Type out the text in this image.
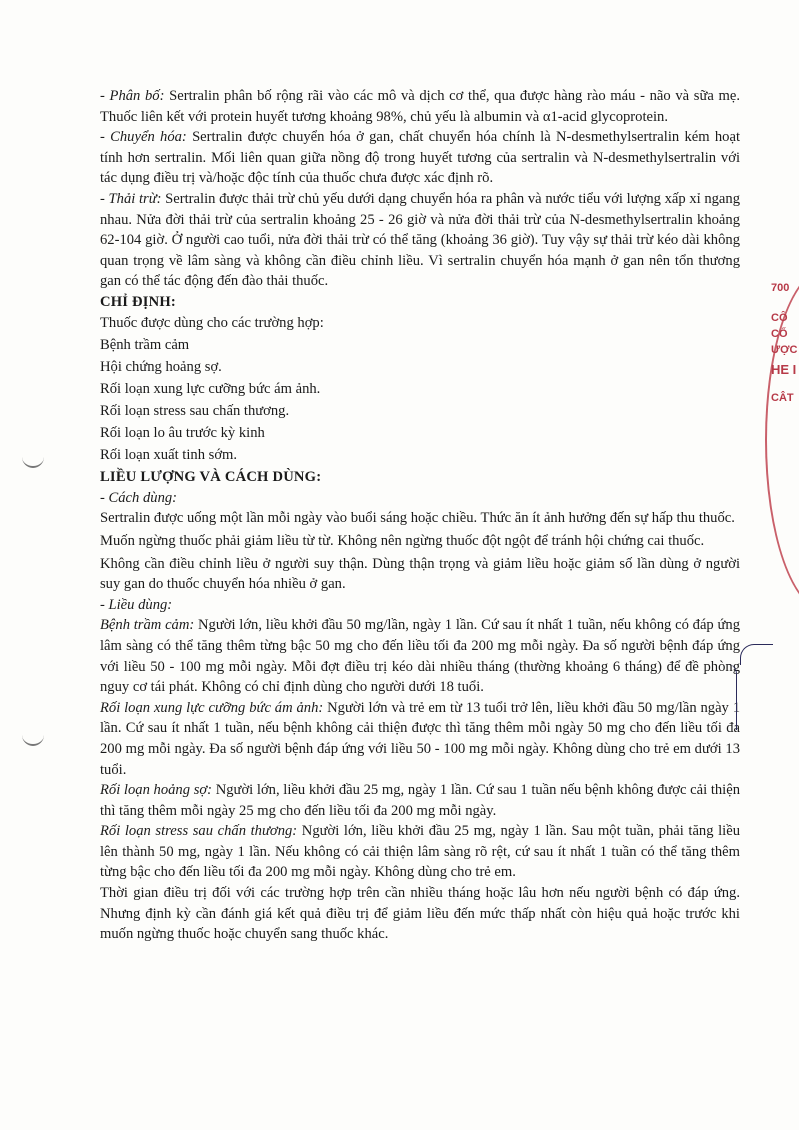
700
CÔ
CỔ
ƯỢC
HE I
CÂT

- Phân bố: Sertralin phân bố rộng rãi vào các mô và dịch cơ thể, qua được hàng rào máu - não và sữa mẹ. Thuốc liên kết với protein huyết tương khoảng 98%, chủ yếu là albumin và α1-acid glycoprotein.

- Chuyển hóa: Sertralin được chuyển hóa ở gan, chất chuyển hóa chính là N-desmethylsertralin kém hoạt tính hơn sertralin. Mối liên quan giữa nồng độ trong huyết tương của sertralin và N-desmethylsertralin với tác dụng điều trị và/hoặc độc tính của thuốc chưa được xác định rõ.

- Thải trừ: Sertralin được thải trừ chủ yếu dưới dạng chuyển hóa ra phân và nước tiểu với lượng xấp xỉ ngang nhau. Nửa đời thải trừ của sertralin khoảng 25 - 26 giờ và nửa đời thải trừ của N-desmethylsertralin khoảng 62-104 giờ. Ở người cao tuổi, nửa đời thải trừ có thể tăng (khoảng 36 giờ). Tuy vậy sự thải trừ kéo dài không quan trọng về lâm sàng và không cần điều chỉnh liều. Vì sertralin chuyển hóa mạnh ở gan nên tổn thương gan có thể tác động đến đào thải thuốc.

CHỈ ĐỊNH:

Thuốc được dùng cho các trường hợp:

Bệnh trầm cảm

Hội chứng hoảng sợ.

Rối loạn xung lực cưỡng bức ám ảnh.

Rối loạn stress sau chấn thương.

Rối loạn lo âu trước kỳ kinh

Rối loạn xuất tinh sớm.

LIỀU LƯỢNG VÀ CÁCH DÙNG:

- Cách dùng:

Sertralin được uống một lần mỗi ngày vào buổi sáng hoặc chiều. Thức ăn ít ảnh hưởng đến sự hấp thu thuốc.

Muốn ngừng thuốc phải giảm liều từ từ. Không nên ngừng thuốc đột ngột để tránh hội chứng cai thuốc.

Không cần điều chỉnh liều ở người suy thận. Dùng thận trọng và giảm liều hoặc giảm số lần dùng ở người suy gan do thuốc chuyển hóa nhiều ở gan.

- Liều dùng:

Bệnh trầm cảm: Người lớn, liều khởi đầu 50 mg/lần, ngày 1 lần. Cứ sau ít nhất 1 tuần, nếu không có đáp ứng lâm sàng có thể tăng thêm từng bậc 50 mg cho đến liều tối đa 200 mg mỗi ngày. Đa số người bệnh đáp ứng với liều 50 - 100 mg mỗi ngày. Mỗi đợt điều trị kéo dài nhiều tháng (thường khoảng 6 tháng) để đề phòng nguy cơ tái phát. Không có chỉ định dùng cho người dưới 18 tuổi.

Rối loạn xung lực cưỡng bức ám ảnh: Người lớn và trẻ em từ 13 tuổi trở lên, liều khởi đầu 50 mg/lần ngày 1 lần. Cứ sau ít nhất 1 tuần, nếu bệnh không cải thiện được thì tăng thêm mỗi ngày 50 mg cho đến liều tối đa 200 mg mỗi ngày. Đa số người bệnh đáp ứng với liều 50 - 100 mg mỗi ngày. Không dùng cho trẻ em dưới 13 tuổi.

Rối loạn hoảng sợ: Người lớn, liều khởi đầu 25 mg, ngày 1 lần. Cứ sau 1 tuần nếu bệnh không được cải thiện thì tăng thêm mỗi ngày 25 mg cho đến liều tối đa 200 mg mỗi ngày.

Rối loạn stress sau chấn thương: Người lớn, liều khởi đầu 25 mg, ngày 1 lần. Sau một tuần, phải tăng liều lên thành 50 mg, ngày 1 lần. Nếu không có cải thiện lâm sàng rõ rệt, cứ sau ít nhất 1 tuần có thể tăng thêm từng bậc cho đến liều tối đa 200 mg mỗi ngày. Không dùng cho trẻ em.

Thời gian điều trị đối với các trường hợp trên cần nhiều tháng hoặc lâu hơn nếu người bệnh có đáp ứng. Nhưng định kỳ cần đánh giá kết quả điều trị để giảm liều đến mức thấp nhất còn hiệu quả hoặc trước khi muốn ngừng thuốc hoặc chuyển sang thuốc khác.
